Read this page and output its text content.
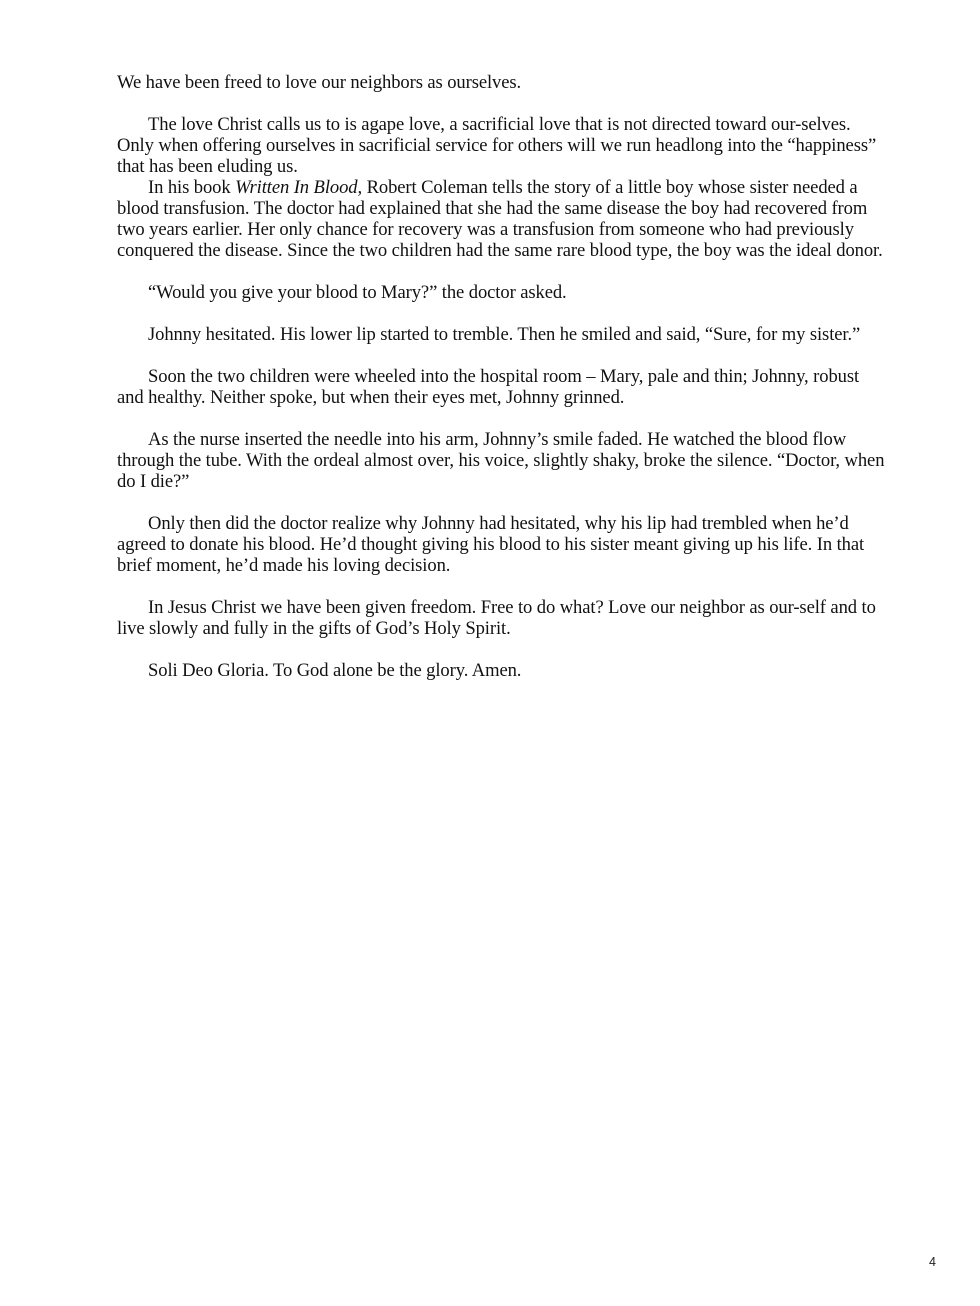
We have been freed to love our neighbors as ourselves.

The love Christ calls us to is agape love, a sacrificial love that is not directed toward our-selves. Only when offering ourselves in sacrificial service for others will we run headlong into the “happiness” that has been eluding us.

In his book Written In Blood, Robert Coleman tells the story of a little boy whose sister needed a blood transfusion. The doctor had explained that she had the same disease the boy had recovered from two years earlier. Her only chance for recovery was a transfusion from someone who had previously conquered the disease. Since the two children had the same rare blood type, the boy was the ideal donor.

“Would you give your blood to Mary?” the doctor asked.

Johnny hesitated. His lower lip started to tremble. Then he smiled and said, “Sure, for my sister.”

Soon the two children were wheeled into the hospital room – Mary, pale and thin; Johnny, robust and healthy. Neither spoke, but when their eyes met, Johnny grinned.

As the nurse inserted the needle into his arm, Johnny’s smile faded. He watched the blood flow through the tube. With the ordeal almost over, his voice, slightly shaky, broke the silence. “Doctor, when do I die?”

Only then did the doctor realize why Johnny had hesitated, why his lip had trembled when he’d agreed to donate his blood. He’d thought giving his blood to his sister meant giving up his life. In that brief moment, he’d made his loving decision.

In Jesus Christ we have been given freedom. Free to do what? Love our neighbor as our-self and to live slowly and fully in the gifts of God’s Holy Spirit.

Soli Deo Gloria. To God alone be the glory. Amen.

4
